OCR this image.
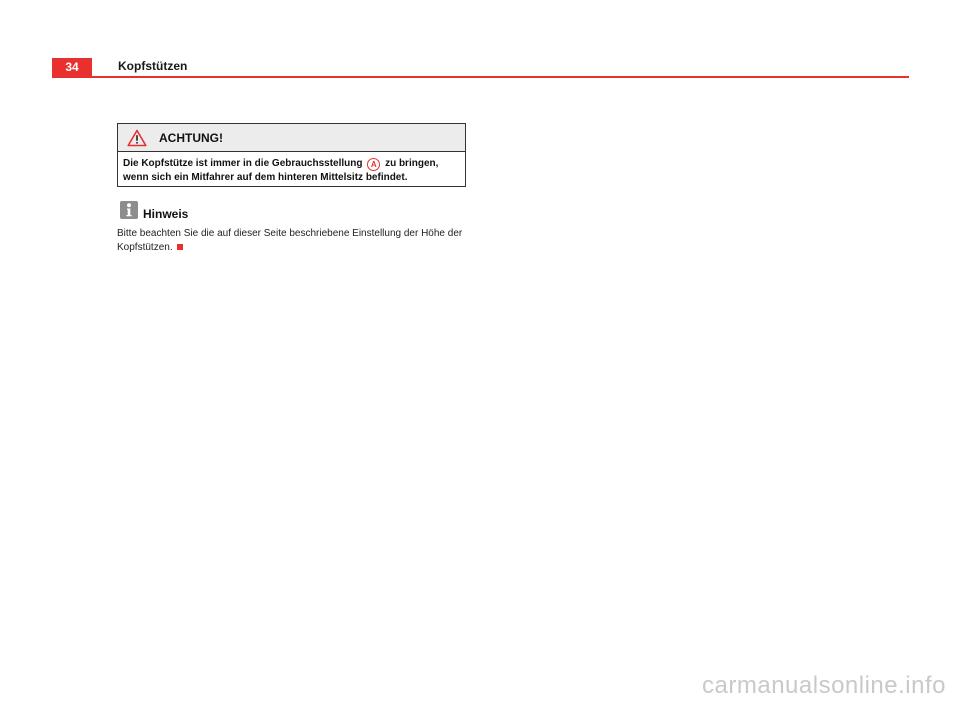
34	Kopfstützen
ACHTUNG!
Die Kopfstütze ist immer in die Gebrauchsstellung A zu bringen, wenn sich ein Mitfahrer auf dem hinteren Mittelsitz befindet.
Hinweis
Bitte beachten Sie die auf dieser Seite beschriebene Einstellung der Höhe der Kopfstützen.
carmanualsonline.info
